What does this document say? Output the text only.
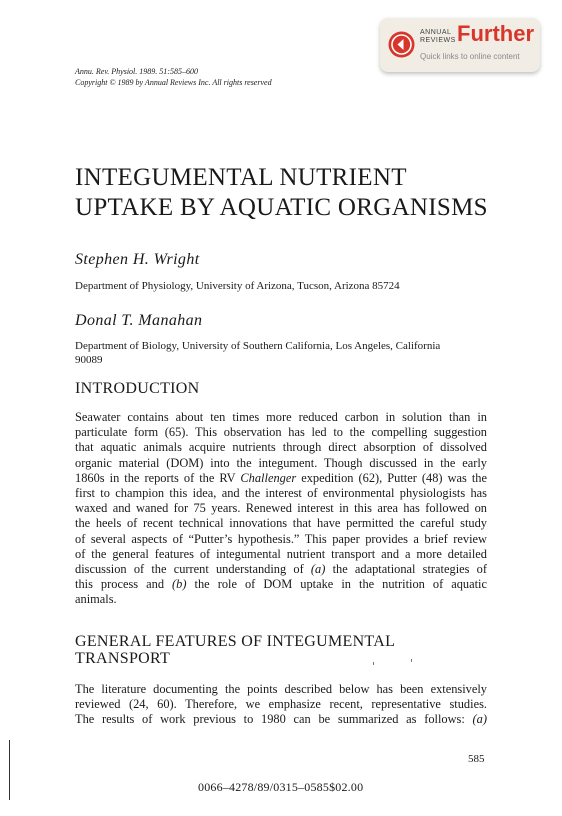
ANNUAL
REVIEWS Further
Quick links to online content
Annu. Rev. Physiol. 1989. 51:585–600
Copyright © 1989 by Annual Reviews Inc. All rights reserved
INTEGUMENTAL NUTRIENT
UPTAKE BY AQUATIC ORGANISMS

Stephen H. Wright

Department of Physiology, University of Arizona, Tucson, Arizona 85724

Donal T. Manahan

Department of Biology, University of Southern California, Los Angeles, California
90089
INTRODUCTION
Seawater contains about ten times more reduced carbon in solution than in
particulate form (65). This observation has led to the compelling suggestion
that aquatic animals acquire nutrients through direct absorption of dissolved
organic material (DOM) into the integument. Though discussed in the early
1860s in the reports of the RV Challenger expedition (62), Putter (48) was the
first to champion this idea, and the interest of environmental physiologists has
waxed and waned for 75 years. Renewed interest in this area has followed on
the heels of recent technical innovations that have permitted the careful study
of several aspects of “Putter’s hypothesis.” This paper provides a brief review
of the general features of integumental nutrient transport and a more detailed
discussion of the current understanding of (a) the adaptational strategies of
this process and (b) the role of DOM uptake in the nutrition of aquatic
animals.
GENERAL FEATURES OF INTEGUMENTAL
TRANSPORT
The literature documenting the points described below has been extensively
reviewed (24, 60). Therefore, we emphasize recent, representative studies.
The results of work previous to 1980 can be summarized as follows: (a)
585
0066–4278/89/0315–0585$02.00
